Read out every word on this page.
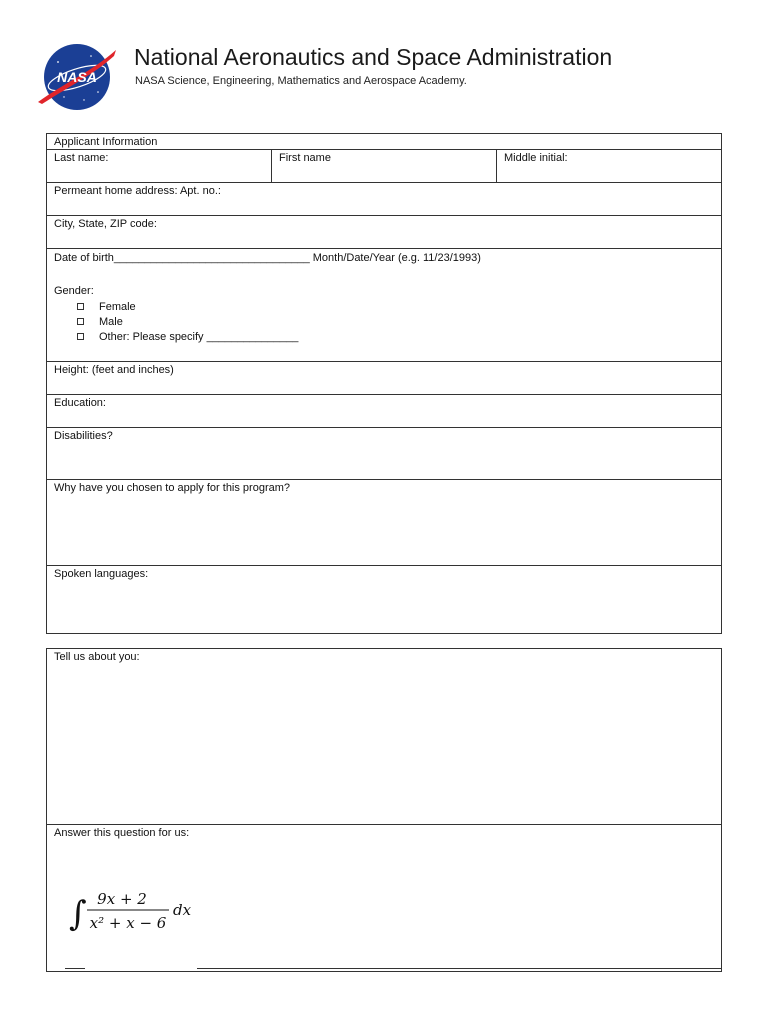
NASA
National Aeronautics and Space Administration
NASA Science, Engineering, Mathematics and Aerospace Academy.
Applicant Information
Last name:	First name	Middle initial:
Permeant home address: Apt. no.:
City, State, ZIP code:
Date of birth________________________________ Month/Date/Year (e.g. 11/23/1993)
Gender:
Female
Male
Other: Please specify _______________
Height: (feet and inches)
Education:
Disabilities?
Why have you chosen to apply for this program?
Spoken languages:
Tell us about you:
Answer this question for us:
∫ 9x + 2
x² + x − 6
dx
